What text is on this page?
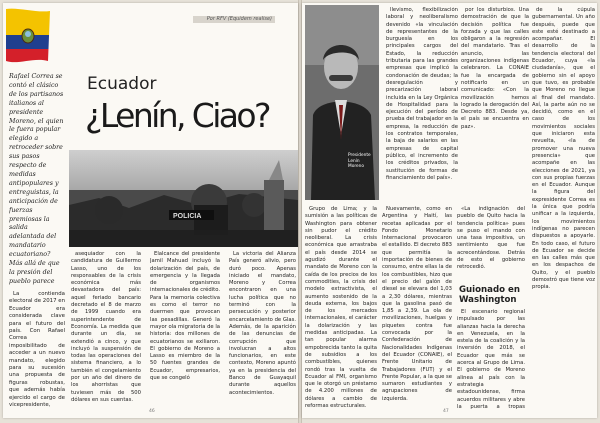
Por RFV (Equidem realise)
Rafael Correa se contó el clásico de los partisanos italianos al presidente Moreno, el quien le fuera popular elegido a retroceder sobre sus pasos respecto de medidas antipopulares y entreguistas, la anticipación de fuerzas premiosas la salida adelantada del mandatario ecuatoriano? Más allá de que la presión del pueblo parece
Ecuador
¿Lenín, Ciao?
POLICIA

La contienda electoral de 2017 en Ecuador era considerada clave para el futuro del país. Con Rafael Correa imposibilitado de acceder a un nuevo mandato, elegido para su sucesión una propuesta de figuras robustas, que además había ejercido el cargo de vicepresidente,

asequiador con la candidatura de Guillermo Lasso, uno de los responsables de la crisis económica más devastadora del país: aquel feriado bancario decretado el 8 de marzo de 1999 cuando era superintendente de Economía. La medida que durante un día, se extendió a cinco, y que incluyó la suspensión de todas las operaciones del sistema financiero, a lo también el congelamiento por un año del dinero de los ahorristas que tuviesen más de 500 dólares en sus cuentas.

Elalcance del presidente Jamil Mahuad incluyó la dolarización del país, de emergencia y la llegada de organismos internacionales de crédito. Para la memoria colectiva es como el terror no duermen que provocan las pesadillas. Generó la mayor ola migratoria de la historia: dos millones de ecuatorianos se exiliaron. El gobierno de Moreno a Lasso es miembro de la 50 fuentes grandes de Ecuador, empresarios, que se congeló

La victoria del Alianza País generó alivio, pero duró poco. Apenas iniciado el mandato, Moreno y Correa encontraron en una lucha política que no terminó con la persecución y posterior encarcelamiento de Glas. Además, de la aparición de las denuncias de corrupción que involucran a altos funcionarios, en este contexto, Moreno apuntó ya en la presidencia del Banco de Guayaquil durante aquellos acontecimientos.

46
Presidente Lenín Moreno

Grupo de Lima; y la sumisión a las políticas de Washington para obtener sin pudor el crédito neoliberal. La crisis económica que arrastraba el país desde 2014 se agudizó durante el mandato de Moreno con la caída de los precios de los commodities, la crisis del modelo extractivista, el aumento sostenido de la deuda externa, los bajos de los mercados internacionales, el carácter la dolarización y las medidas anticipadas. La tan popular alarma empobrecida tanto la quita de subsidios a los combustibles, quienes rondó tras la vuelta de Ecuador al FMI, organismo que le otorgó un préstamo de 4.200 millones de dólares a cambio de reformas estructurales.

Nuevamente, como en Argentina y Haití, las recetas aplicadas por el Fondo Monetario Internacional provocaron el estallido. El decreto 883 que permitía la importación de bienes de consumo, entre ellas la de los combustibles, hizo que el precio del galón de diesel se elevara del 1,03 a 2,30 dólares, mientras que la gasolina pasó de 1,85 a 2,39. La ola de movilizaciones, huelgas y piquetes contra fue convocada por la Confederación de Nacionalidades Indígenas del Ecuador (CONAIE), el Frente Unitario de Trabajadores (FUT) y el Frente Popular, a la que se sumaron estudiantes y agrupaciones de izquierda.

llevismo, flexibilización laboral y neoliberalismo devenido «la vinculación de representantes de la burguesía en los principales cargos del Estado, la reducción tributaria para las grandes empresas que implicó la condonación de deudas; la desregulación y precarización laboral incluida en la Ley Orgánica de Hospitalidad para la ejecución del período de prueba del trabajador en la empresa, la reducción de los contratos temporales, la baja de salarios en las empresas de capital público, el incremento de los créditos privados, la sustitución de formas de financiamiento del país».

«La indignación del pueblo de Quito hacia la tendencia política» pues se puso el mando con una tasa impositiva, un sentimiento que fue acrecentándose. Detrás de esto el gobierno retrocedió.

por los disturbios. Una demostración de que la decisión política fue forzada y que las calles obligaron a la regresión del mandatario. Tras el anuncio, las organizaciones indígenas celebraron. La CONAIE fue la encargada de notificarlo en un comunicado: «Con la movilización hemos logrado la derogación del Decreto 883. Desde ya, el país se encuentra en paz».

de la cúpula gubernamental. Un año después, puede que este esté destinado a acompañar. El desarrollo de la tendencia electoral del Ecuador, cuya «la ciudadanía», que el gobierno sin el apoyo que tuvo, es probable que Moreno no llegue al final del mandato. Así, la parte aún no se decidió, como en el caso de los movimientos sociales que iniciaron esta revuelta, «la de promover una nueva presencia» que acompañe en las elecciones de 2021, ya con sus propias fuerzas en el Ecuador. Aunque la figura del expresidente Correa es la única que podría unificar a la izquierda, los movimientos indígenas no parecen dispuestos a apoyarle. En todo caso, el futuro de Ecuador se decide en las calles más que en los despachos de Quito, y el pueblo demostró que tiene voz propia.

Guionado en Washington

El escenario regional impulsado por las alianzas hacia la derecha en Venezuela, en la estela de la coalición y la inversión de 2018, el Ecuador que más se acerca al Grupo de Lima. El gobierno de Moreno alinea al país con la estrategia estadounidense, firma acuerdos militares y abre la puerta a tropas

47
